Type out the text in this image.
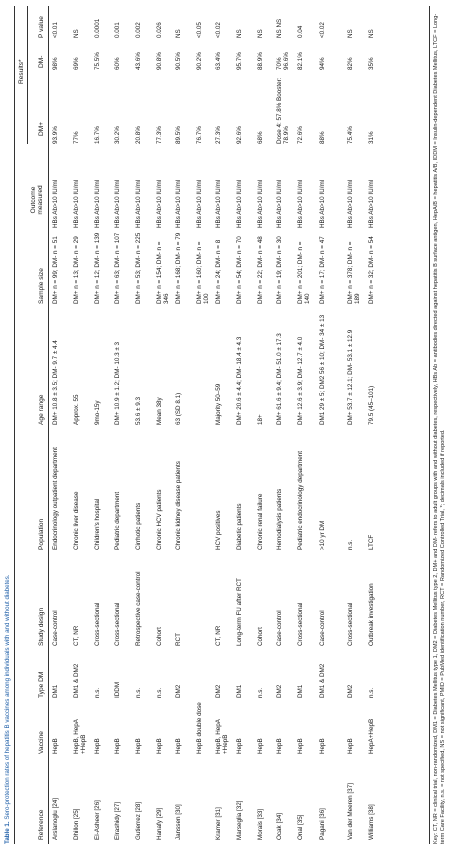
Table 1. Sero-protection rates of hepatitis B vaccines among individuals with and without diabetes.
Reference
Vaccine
Type DM
Study design
Population
Age range
Sample size
Outcome measured
Results*
DM+
DM-
P value
Arslanoglu [24]
HepB
DM1
Case-control
Endocrinology outpatient department
DM+ 10.8 ± 3.5; DM- 9.7 ± 4.4
DM+ n = 99; DM- n = 51
HBs Ab>10 IU/ml
93.9%
98%
<0.01
Dhillon [25]
HepB, HepA +HepB
DM1 & DM2
CT, NR
Chronic liver disease
Approx. 55
DM+ n = 13; DM- n = 29
HBs Ab>10 IU/ml
77%
69%
NS
El-Asheer [26]
HepB
n.s.
Cross-sectional
Children's hospital
9mo-15y
DM+ n = 12; DM- n = 139
HBs Ab>10 IU/ml
16.7%
75.5%
0.0001
Elrashidy [27]
HepB
IDDM
Cross-sectional
Pediatric department
DM+ 10.9 ± 1.2; DM- 10.3 ± 3
DM+ n = 63; DM- n = 107
HBs Ab>10 IU/ml
30.2%
60%
0.001
Gutierrez [28]
HepB
n.s.
Retrospective case-control
Cirrhotic patients
53.6 ± 9.3
DM+ n = 53; DM- n = 225
HBs Ab>10 IU/ml
20.8%
43.6%
0.002
Hanafy [29]
HepB
n.s.
Cohort
Chronic HCV patients
Mean 38y
DM+ n = 154; DM- n = 346
HBs Ab>10 IU/ml
77.3%
90.8%
0.026
Janssen [30]
HepB
DM2
RCT
Chronic kidney disease patients
63 (SD 8.1)
DM+ n = 168; DM- n = 79
HBs Ab>10 IU/ml
89.5%
90.5%
NS
HepB double dose
DM+ n = 160; DM- n = 100
HBs Ab>10 IU/ml
76.7%
90.2%
<0.05
Kramer [31]
HepB, HepA +HepB
DM2
CT, NR
HCV positives
Majority 50–59
DM+ n = 24; DM- n = 8
HBs Ab>10 IU/ml
27.3%
63.4%
<0.02
Marseglia [32]
HepB
DM1
Long-term FU after RCT
Diabetic patients
DM+ 20.6 ± 4.4; DM- 18.4 ± 4.3
DM+ n = 54; DM- n = 70
HBs Ab>10 IU/ml
92.6%
95.7%
NS
Morais [33]
HepB
n.s.
Cohort
Chronic renal failure
18+
DM+ n = 22; DM- n = 48
HBs Ab>10 IU/ml
68%
88.9%
NS
Ocak [34]
HepB
DM2
Case-control
Hemodialysis patients
DM+ 61.6 ± 9.4; DM- 51.0 ± 17.3
DM+ n = 19; DM- n = 30
HBs Ab>10 IU/ml
Dose 4: 57.8% Booster: 78.9%
70% 96.6%
NS NS
Onal [35]
HepB
DM1
Cross-sectional
Pediatric endocrinology department
DM+ 12.6 ± 3.9; DM- 12.7 ± 4.0
DM+ n = 201; DM- n = 140
HBs Ab>10 IU/ml
72.6%
82.1%
0.04
Pagani [36]
HepB
DM1 & DM2
Case-control
>10 yr DM
DM1 29 ± 5; DM2 56 ± 10; DM- 34 ± 13
DM+ n = 17; DM- n = 47
HBs Ab>10 IU/ml
88%
94%
<0.02
Van der Meeren [37]
HepB
DM2
Cross-sectional
n.s.
DM+ 53.7 ± 12.1; DM- 53.1 ± 12.9
DM+ n = 378; DM- n = 189
HBs Ab>10 IU/ml
75.4%
82%
NS
Williams [38]
HepA+HepB
n.s.
Outbreak investigation
LTCF
79.5 (45–101)
DM+ n = 32; DM- n = 54
HBs Ab>10 IU/ml
31%
35%
NS	Key: CT, NR = clinical trial, non-randomized, DM1 = Diabetes Mellitus type 1, DM2 = Diabetes Mellitus type 2, DM+ and DM- refers to adult groups with and without diabetes, respectively, HBs Ab = antibodies directed against hepatitis B surface antigen, HepA/B = hepatitis A/B, IDDM = Insulin-dependent Diabetes Mellitus, LTCF = Long-term Care Facility, n.s. = not specified, NS = not significant, PMID = PubMed identification number, RCT = Randomized Controlled Trial, *; decimals included if reported.
